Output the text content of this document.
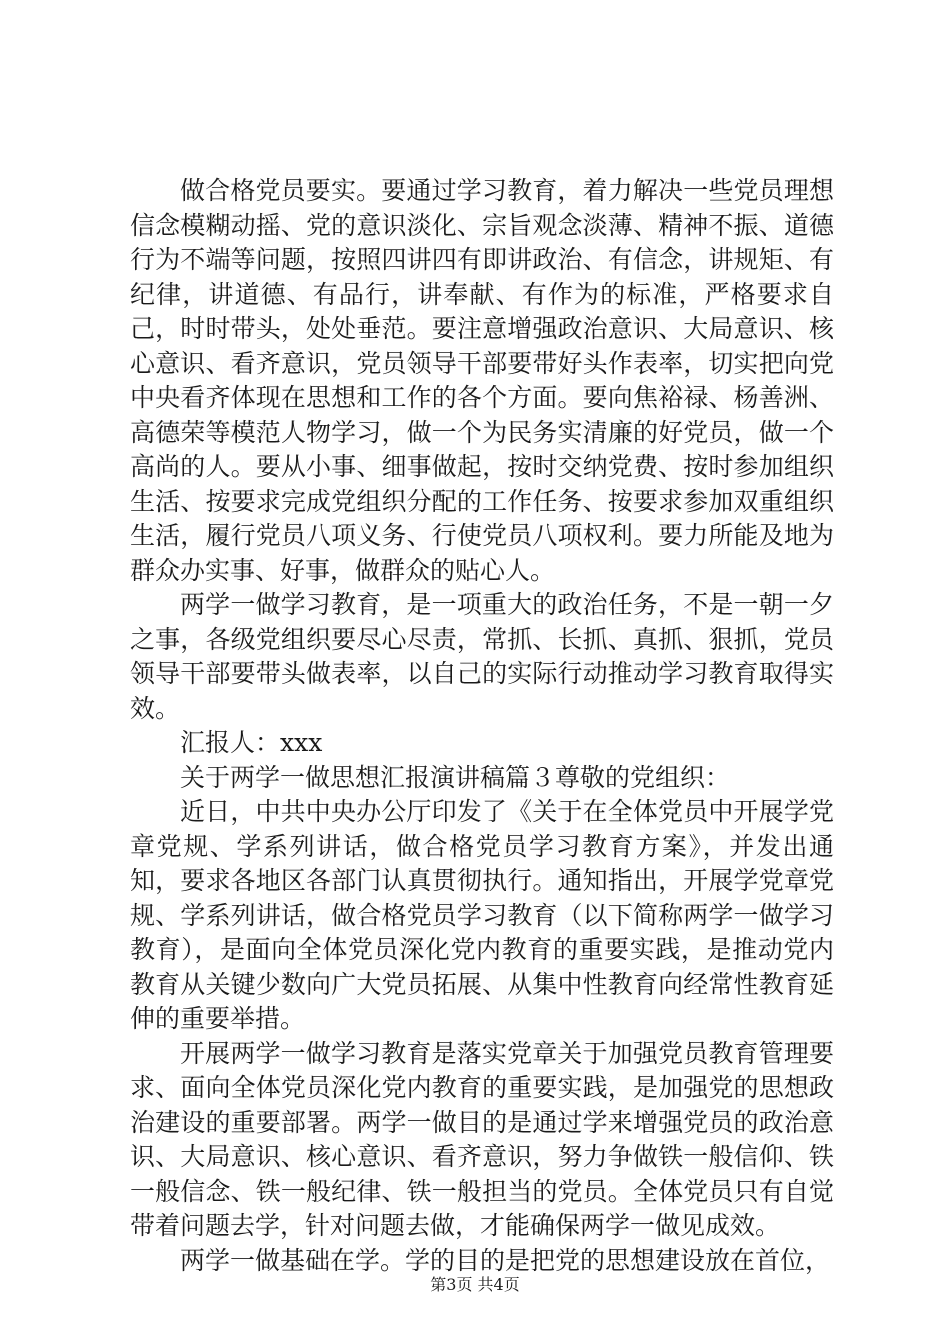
做合格党员要实。要通过学习教育，着力解决一些党员理想信念模糊动摇、党的意识淡化、宗旨观念淡薄、精神不振、道德行为不端等问题，按照四讲四有即讲政治、有信念，讲规矩、有纪律，讲道德、有品行，讲奉献、有作为的标准，严格要求自己，时时带头，处处垂范。要注意增强政治意识、大局意识、核心意识、看齐意识，党员领导干部要带好头作表率，切实把向党中央看齐体现在思想和工作的各个方面。要向焦裕禄、杨善洲、高德荣等模范人物学习，做一个为民务实清廉的好党员，做一个高尚的人。要从小事、细事做起，按时交纳党费、按时参加组织生活、按要求完成党组织分配的工作任务、按要求参加双重组织生活，履行党员八项义务、行使党员八项权利。要力所能及地为群众办实事、好事，做群众的贴心人。

两学一做学习教育，是一项重大的政治任务，不是一朝一夕之事，各级党组织要尽心尽责，常抓、长抓、真抓、狠抓，党员领导干部要带头做表率，以自己的实际行动推动学习教育取得实效。

汇报人：xxx

关于两学一做思想汇报演讲稿篇３尊敬的党组织：

近日，中共中央办公厅印发了《关于在全体党员中开展学党章党规、学系列讲话，做合格党员学习教育方案》，并发出通知，要求各地区各部门认真贯彻执行。通知指出，开展学党章党规、学系列讲话，做合格党员学习教育（以下简称两学一做学习教育），是面向全体党员深化党内教育的重要实践，是推动党内教育从关键少数向广大党员拓展、从集中性教育向经常性教育延伸的重要举措。

开展两学一做学习教育是落实党章关于加强党员教育管理要求、面向全体党员深化党内教育的重要实践，是加强党的思想政治建设的重要部署。两学一做目的是通过学来增强党员的政治意识、大局意识、核心意识、看齐意识，努力争做铁一般信仰、铁一般信念、铁一般纪律、铁一般担当的党员。全体党员只有自觉带着问题去学，针对问题去做，才能确保两学一做见成效。

两学一做基础在学。学的目的是把党的思想建设放在首位，

第3页 共4页
